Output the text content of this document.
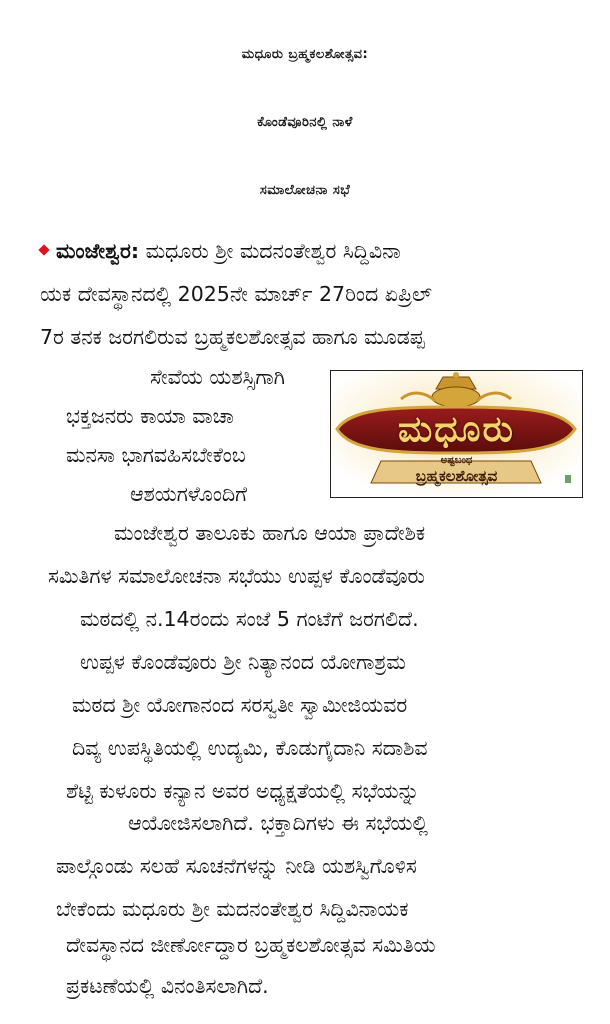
ಮಧೂರು ಬ್ರಹ್ಮಕಲಶೋತ್ಸವ:
ಕೊಂಡೆವೂರಿನಲ್ಲಿ ನಾಳೆ
ಸಮಾಲೋಚನಾ ಸಭೆ
ಮಂಜೇಶ್ವರ: ಮಧೂರು ಶ್ರೀ ಮದನಂತೇಶ್ವರ ಸಿದ್ದಿವಿನಾ
ಯಕ ದೇವಸ್ಥಾನದಲ್ಲಿ 2025ನೇ ಮಾರ್ಚ್ 27ರಿಂದ ಏಪ್ರಿಲ್
7ರ ತನಕ ಜರಗಲಿರುವ ಬ್ರಹ್ಮಕಲಶೋತ್ಸವ ಹಾಗೂ ಮೂಡಪ್ಪ
ಸೇವೆಯ ಯಶಸ್ಸಿಗಾಗಿ
ಭಕ್ತಜನರು ಕಾಯಾ ವಾಚಾ
ಮನಸಾ ಭಾಗವಹಿಸಬೇಕೆಂಬ
ಆಶಯಗಳೊಂದಿಗೆ
ಮಧೂರು
ಅಷ್ಟಬಂಧ
ಬ್ರಹ್ಮಕಲಶೋತ್ಸವ
ಮಂಜೇಶ್ವರ ತಾಲೂಕು ಹಾಗೂ ಆಯಾ ಪ್ರಾದೇಶಿಕ
ಸಮಿತಿಗಳ ಸಮಾಲೋಚನಾ ಸಭೆಯು ಉಪ್ಪಳ ಕೊಂಡೆವೂರು
ಮಠದಲ್ಲಿ ನ.14ರಂದು ಸಂಜೆ 5 ಗಂಟೆಗೆ ಜರಗಲಿದೆ.
ಉಪ್ಪಳ ಕೊಂಡೆವೂರು ಶ್ರೀ ನಿತ್ಯಾನಂದ ಯೋಗಾಶ್ರಮ
ಮಠದ ಶ್ರೀ ಯೋಗಾನಂದ ಸರಸ್ವತೀ ಸ್ವಾಮೀಜಿಯವರ
ದಿವ್ಯ ಉಪಸ್ಥಿತಿಯಲ್ಲಿ ಉದ್ಯಮಿ, ಕೊಡುಗೈದಾನಿ ಸದಾಶಿವ
ಶೆಟ್ಟಿ ಕುಳೂರು ಕನ್ಯಾನ ಅವರ ಅಧ್ಯಕ್ಷತೆಯಲ್ಲಿ ಸಭೆಯನ್ನು
ಆಯೋಜಿಸಲಾಗಿದೆ. ಭಕ್ತಾದಿಗಳು ಈ ಸಭೆಯಲ್ಲಿ
ಪಾಲ್ಗೊಂಡು ಸಲಹೆ ಸೂಚನೆಗಳನ್ನು ನೀಡಿ ಯಶಸ್ವಿಗೊಳಿಸ
ಬೇಕೆಂದು ಮಧೂರು ಶ್ರೀ ಮದನಂತೇಶ್ವರ ಸಿದ್ದಿವಿನಾಯಕ
ದೇವಸ್ಥಾನದ ಜೀರ್ಣೋದ್ದಾರ ಬ್ರಹ್ಮಕಲಶೋತ್ಸವ ಸಮಿತಿಯ
ಪ್ರಕಟಣೆಯಲ್ಲಿ ವಿನಂತಿಸಲಾಗಿದೆ.
